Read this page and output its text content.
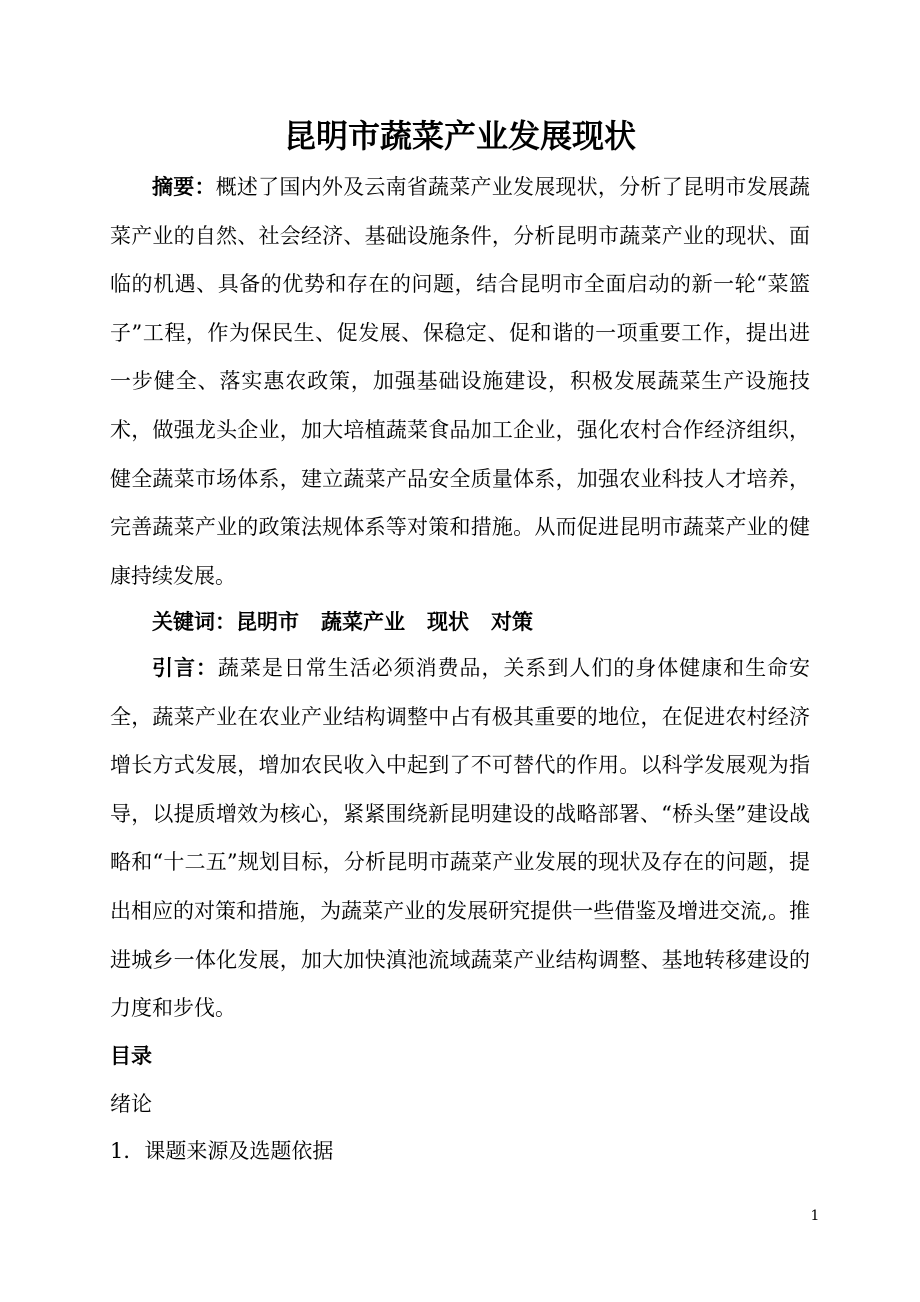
昆明市蔬菜产业发展现状

摘要：概述了国内外及云南省蔬菜产业发展现状，分析了昆明市发展蔬菜产业的自然、社会经济、基础设施条件，分析昆明市蔬菜产业的现状、面临的机遇、具备的优势和存在的问题，结合昆明市全面启动的新一轮“菜篮子”工程，作为保民生、促发展、保稳定、促和谐的一项重要工作，提出进一步健全、落实惠农政策，加强基础设施建设，积极发展蔬菜生产设施技术，做强龙头企业，加大培植蔬菜食品加工企业，强化农村合作经济组织，健全蔬菜市场体系，建立蔬菜产品安全质量体系，加强农业科技人才培养，完善蔬菜产业的政策法规体系等对策和措施。从而促进昆明市蔬菜产业的健康持续发展。

关键词：昆明市 蔬菜产业 现状 对策

引言：蔬菜是日常生活必须消费品，关系到人们的身体健康和生命安全，蔬菜产业在农业产业结构调整中占有极其重要的地位，在促进农村经济增长方式发展，增加农民收入中起到了不可替代的作用。以科学发展观为指导，以提质增效为核心，紧紧围绕新昆明建设的战略部署、“桥头堡”建设战略和“十二五”规划目标，分析昆明市蔬菜产业发展的现状及存在的问题，提出相应的对策和措施，为蔬菜产业的发展研究提供一些借鉴及增进交流,。推进城乡一体化发展，加大加快滇池流域蔬菜产业结构调整、基地转移建设的力度和步伐。

目录

绪论

1．课题来源及选题依据

1
